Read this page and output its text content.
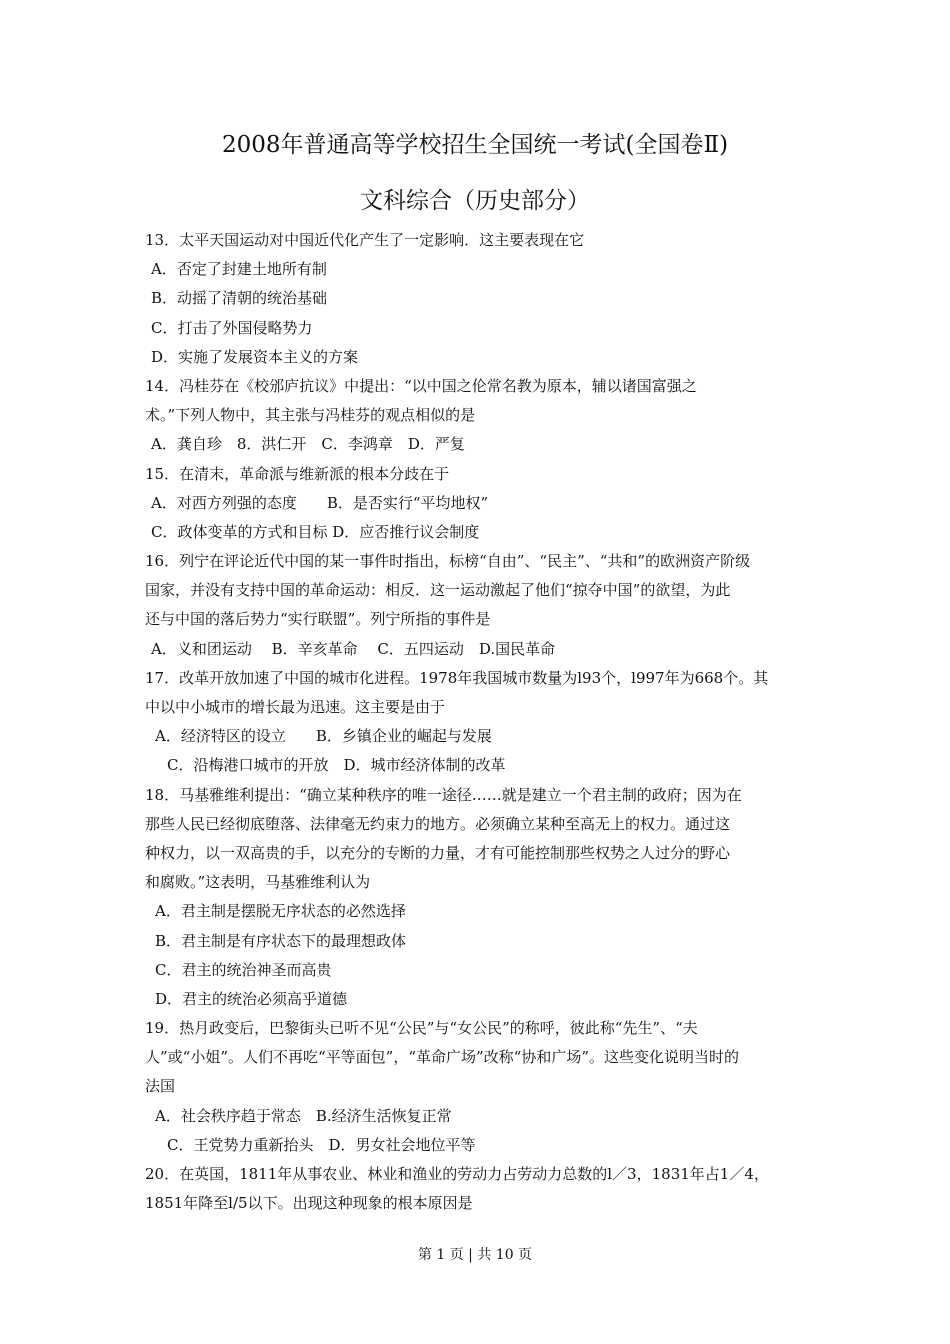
2008年普通高等学校招生全国统一考试(全国卷Ⅱ)
文科综合（历史部分）
13．太平天国运动对中国近代化产生了一定影响．这主要表现在它
A．否定了封建土地所有制
B．动摇了清朝的统治基础
C．打击了外国侵略势力
D．实施了发展资本主义的方案
14．冯桂芬在《校邠庐抗议》中提出：“以中国之伦常名教为原本，辅以诸国富强之
术。”下列人物中，其主张与冯桂芬的观点相似的是
A．龚自珍　8．洪仁开　C．李鸿章　D．严复
15．在清末，革命派与维新派的根本分歧在于
A．对西方列强的态度　　B．是否实行“平均地权”
C．政体变革的方式和目标 D．应否推行议会制度
16．列宁在评论近代中国的某一事件时指出，标榜“自由”、“民主”、“共和”的欧洲资产阶级
国家，并没有支持中国的革命运动：相反．这一运动激起了他们“掠夺中国”的欲望，为此
还与中国的落后势力“实行联盟”。列宁所指的事件是
A．义和团运动　 B．辛亥革命　 C．五四运动　D.国民革命
17．改革开放加速了中国的城市化进程。1978年我国城市数量为l93个，l997年为668个。其
中以中小城市的增长最为迅速。这主要是由于
A．经济特区的设立　　B．乡镇企业的崛起与发展
C．沿梅港口城市的开放　D．城市经济体制的改革
18．马基雅维利提出：“确立某种秩序的唯一途径……就是建立一个君主制的政府；因为在
那些人民已经彻底堕落、法律毫无约束力的地方。必须确立某种至高无上的权力。通过这
种权力，以一双高贵的手，以充分的专断的力量，才有可能控制那些权势之人过分的野心
和腐败。”这表明，马基雅维利认为
A．君主制是摆脱无序状态的必然选择
B．君主制是有序状态下的最理想政体
C．君主的统治神圣而高贵
D．君主的统治必须高乎道德
19．热月政变后，巴黎街头已听不见“公民”与“女公民”的称呼，彼此称“先生”、“夫
人”或“小姐”。人们不再吃“平等面包”，“革命广场”改称“协和广场”。这些变化说明当时的
法国
A．社会秩序趋于常态　B.经济生活恢复正常
C．王党势力重新抬头　D．男女社会地位平等
20．在英国，1811年从事农业、林业和渔业的劳动力占劳动力总数的l／3，1831年占1／4，
1851年降至l/5以下。出现这种现象的根本原因是
第 1 页 | 共 10 页
